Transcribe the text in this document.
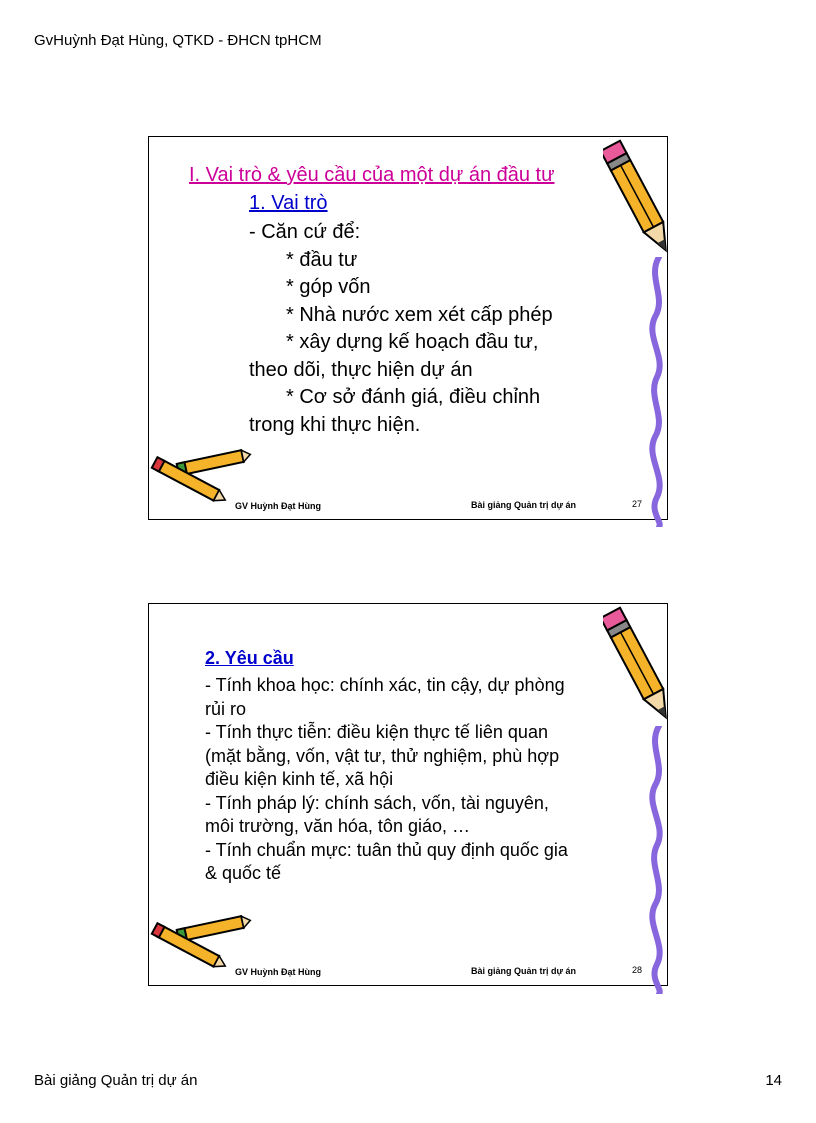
GvHuỳnh Đạt Hùng, QTKD - ĐHCN tpHCM
I. Vai trò & yêu cầu của một dự án đầu tư
1. Vai trò
- Căn cứ để:
* đầu tư
* góp vốn
* Nhà nước xem xét cấp phép
* xây dựng kế hoạch đầu tư,
theo dõi, thực hiện dự án
* Cơ sở đánh giá, điều chỉnh
trong khi thực hiện.
GV Huỳnh Đạt Hùng	Bài giảng Quản trị dự án	27
2. Yêu cầu
- Tính khoa học: chính xác, tin cậy, dự phòng
rủi ro
- Tính thực tiễn: điều kiện thực tế liên quan
(mặt bằng, vốn, vật tư, thử nghiệm, phù hợp
điều kiện kinh tế, xã hội
- Tính pháp lý: chính sách, vốn, tài nguyên,
môi trường, văn hóa, tôn giáo, …
- Tính chuẩn mực: tuân thủ quy định quốc gia
& quốc tế
GV Huỳnh Đạt Hùng	Bài giảng Quản trị dự án	28
Bài giảng Quản trị dự án	14
